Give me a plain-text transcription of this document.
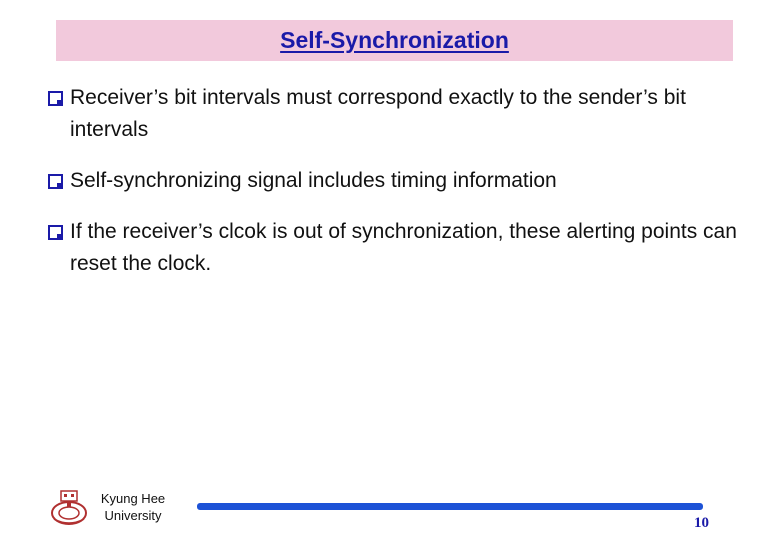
Self-Synchronization
Receiver’s bit intervals must correspond exactly to the sender’s bit intervals
Self-synchronizing signal includes timing information
If the receiver’s clcok is out of synchronization, these alerting points can reset the clock.
Kyung Hee
University	10
